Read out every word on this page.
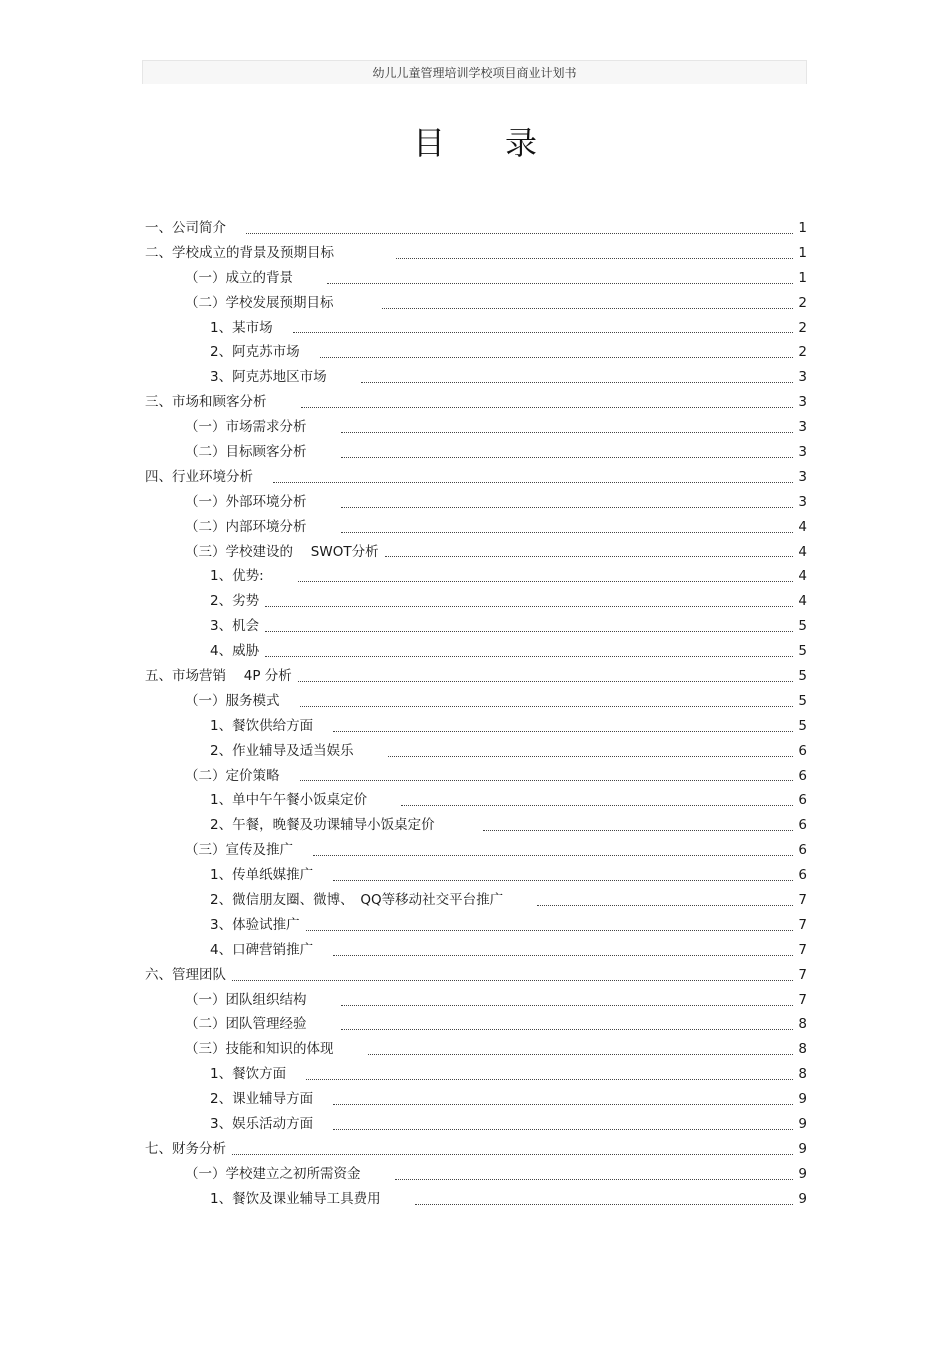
幼儿儿童管理培训学校项目商业计划书
目录
一、公司简介	1
二、学校成立的背景及预期目标	1
（一）成立的背景	1
（二）学校发展预期目标	2
1、某市场	2
2、阿克苏市场	2
3、阿克苏地区市场	3
三、市场和顾客分析	3
（一）市场需求分析	3
（二）目标顾客分析	3
四、行业环境分析	3
（一）外部环境分析	3
（二）内部环境分析	4
（三）学校建设的　 SWOT分析	4
1、优势:	4
2、劣势	4
3、机会	5
4、威胁	5
五、市场营销　 4P 分析	5
（一）服务模式	5
1、餐饮供给方面	5
2、作业辅导及适当娱乐	6
（二）定价策略	6
1、单中午午餐小饭桌定价	6
2、午餐，晚餐及功课辅导小饭桌定价	6
（三）宣传及推广	6
1、传单纸媒推广	6
2、微信朋友圈、微博、　QQ等移动社交平台推广	7
3、体验试推广	7
4、口碑营销推广	7
六、管理团队	7
（一）团队组织结构	7
（二）团队管理经验	8
（三）技能和知识的体现	8
1、餐饮方面	8
2、课业辅导方面	9
3、娱乐活动方面	9
七、财务分析	9
（一）学校建立之初所需资金	9
1、餐饮及课业辅导工具费用	9
